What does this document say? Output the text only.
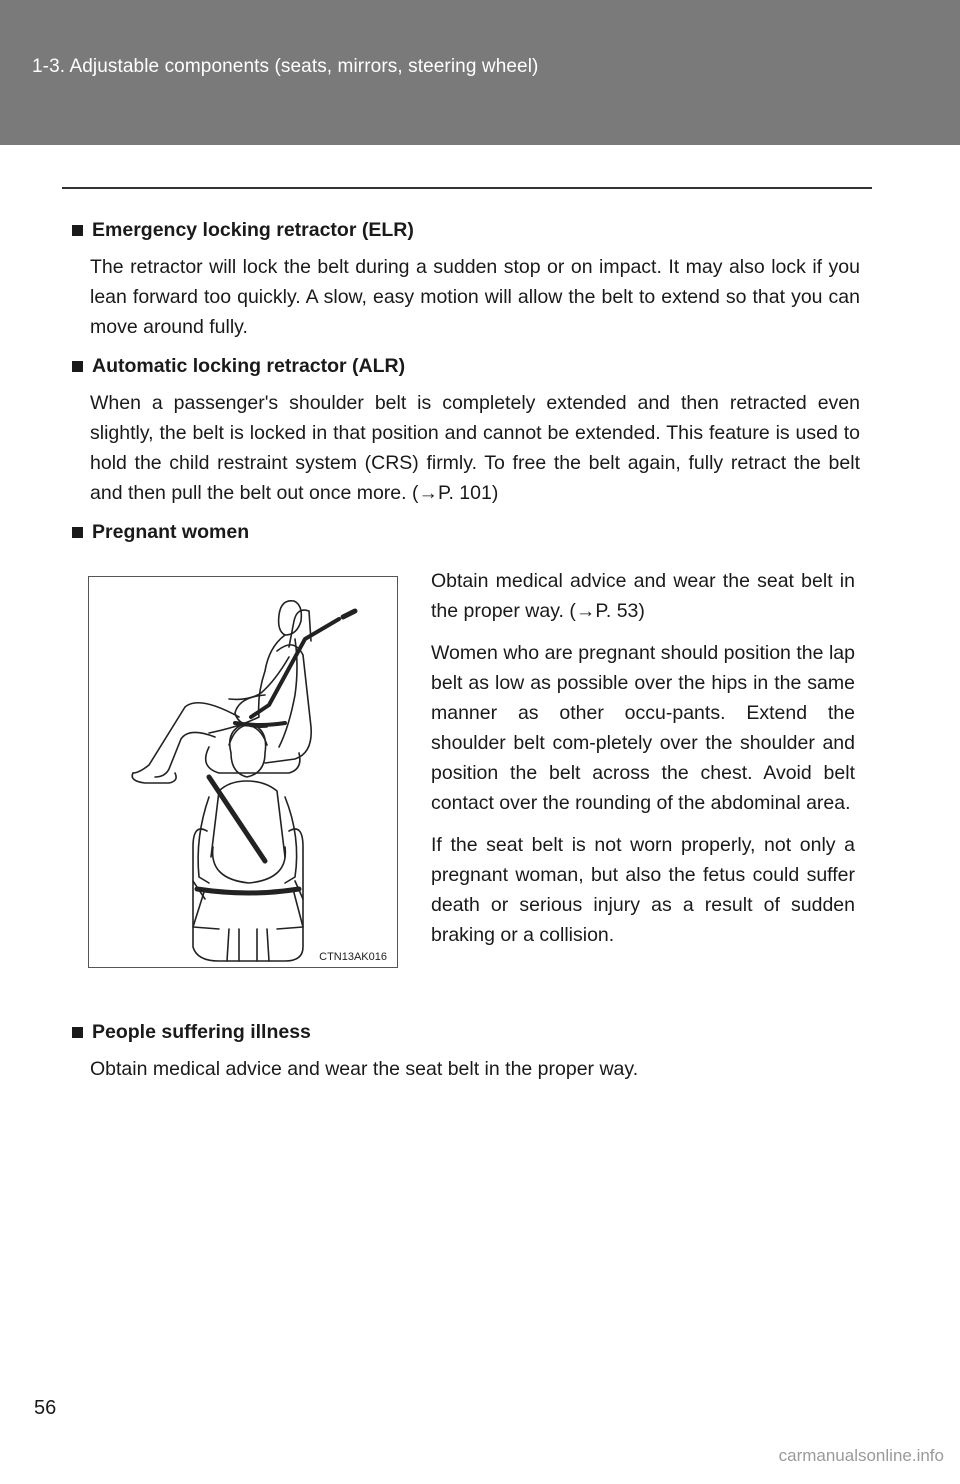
1-3. Adjustable components (seats, mirrors, steering wheel)
Emergency locking retractor (ELR)
The retractor will lock the belt during a sudden stop or on impact. It may also lock if you lean forward too quickly. A slow, easy motion will allow the belt to extend so that you can move around fully.
Automatic locking retractor (ALR)
When a passenger's shoulder belt is completely extended and then retracted even slightly, the belt is locked in that position and cannot be extended. This feature is used to hold the child restraint system (CRS) firmly. To free the belt again, fully retract the belt and then pull the belt out once more. (→P. 101)
Pregnant women
CTN13AK016

Obtain medical advice and wear the seat belt in the proper way. (→P. 53)

Women who are pregnant should position the lap belt as low as possible over the hips in the same manner as other occu-pants. Extend the shoulder belt com-pletely over the shoulder and position the belt across the chest. Avoid belt contact over the rounding of the abdominal area.

If the seat belt is not worn properly, not only a pregnant woman, but also the fetus could suffer death or serious injury as a result of sudden braking or a collision.

People suffering illness
Obtain medical advice and wear the seat belt in the proper way.
56
carmanualsonline.info
